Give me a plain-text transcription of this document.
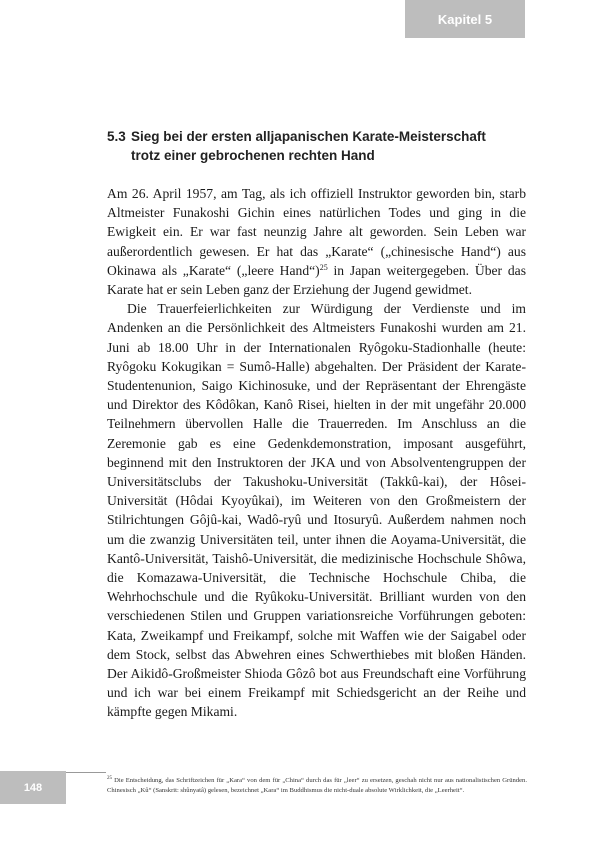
Kapitel 5
5.3 Sieg bei der ersten alljapanischen Karate-Meisterschaft
trotz einer gebrochenen rechten Hand

Am 26. April 1957, am Tag, als ich offiziell Instruktor geworden bin, starb Altmeister Funakoshi Gichin eines natürlichen Todes und ging in die Ewigkeit ein. Er war fast neunzig Jahre alt geworden. Sein Leben war außerordentlich gewesen. Er hat das „Karate“ („chinesische Hand“) aus Okinawa als „Karate“ („leere Hand“)$^{25}$ in Japan weitergegeben. Über das Karate hat er sein Leben ganz der Erziehung der Jugend gewidmet.

Die Trauerfeierlichkeiten zur Würdigung der Verdienste und im Andenken an die Persönlichkeit des Altmeisters Funakoshi wurden am 21. Juni ab 18.00 Uhr in der Internationalen Ryôgoku-Stadionhalle (heute: Ryôgoku Kokugikan = Sumô-Halle) abgehalten. Der Präsident der Karate-Studentenunion, Saigo Kichinosuke, und der Repräsentant der Ehrengäste und Direktor des Kôdôkan, Kanô Risei, hielten in der mit ungefähr 20.000 Teilnehmern übervollen Halle die Trauerreden. Im Anschluss an die Zeremonie gab es eine Gedenkdemonstration, imposant ausgeführt, beginnend mit den Instruktoren der JKA und von Absolventengruppen der Universitätsclubs der Takushoku-Universität (Takkû-kai), der Hôsei-Universität (Hôdai Kyoyûkai), im Weiteren von den Großmeistern der Stilrichtungen Gôjû-kai, Wadô-ryû und Itosuryû. Außerdem nahmen noch um die zwanzig Universitäten teil, unter ihnen die Aoyama-Universität, die Kantô-Universität, Taishô-Universität, die medizinische Hochschule Shôwa, die Komazawa-Universität, die Technische Hochschule Chiba, die Wehrhochschule und die Ryûkoku-Universität. Brilliant wurden von den verschiedenen Stilen und Gruppen variationsreiche Vorführungen geboten: Kata, Zweikampf und Freikampf, solche mit Waffen wie der Saigabel oder dem Stock, selbst das Abwehren eines Schwerthiebes mit bloßen Händen. Der Aikidô-Großmeister Shioda Gôzô bot aus Freundschaft eine Vorführung und ich war bei einem Freikampf mit Schiedsgericht an der Reihe und kämpfte gegen Mikami.

148
$^{25}$ Die Entscheidung, das Schriftzeichen für „Kara“ von dem für „China“ durch das für „leer“ zu ersetzen, geschah nicht nur aus nationalistischen Gründen. Chinesisch „Kû“ (Sanskrit: shûnyatâ) gelesen, bezeichnet „Kara“ im Buddhismus die nicht-duale absolute Wirklichkeit, die „Leerheit“.
